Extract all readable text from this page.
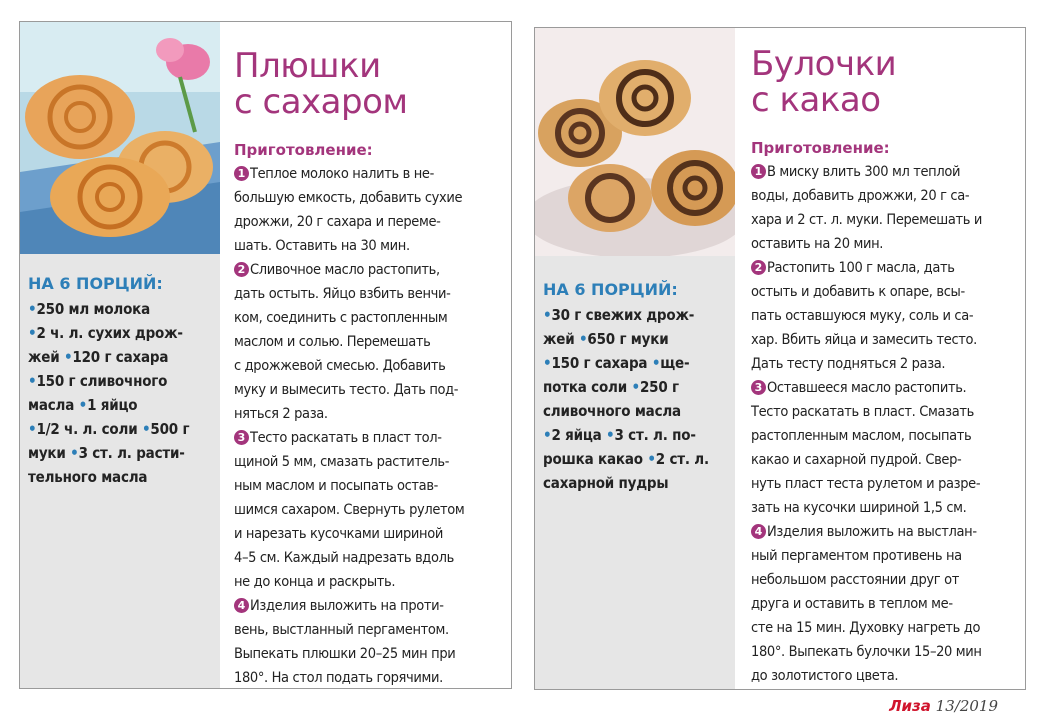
НА 6 ПОРЦИЙ:
•250 мл молока
•2 ч. л. сухих дрож-
жей •120 г сахара
•150 г сливочного
масла •1 яйцо
•1/2 ч. л. соли •500 г
муки •3 ст. л. расти-
тельного масла
Плюшки
с сахаром
Приготовление:
1 Теплое молоко налить в не-
большую емкость, добавить сухие
дрожжи, 20 г сахара и переме-
шать. Оставить на 30 мин.
2 Сливочное масло растопить,
дать остыть. Яйцо взбить венчи-
ком, соединить с растопленным
маслом и солью. Перемешать
с дрожжевой смесью. Добавить
муку и вымесить тесто. Дать под-
няться 2 раза.
3 Тесто раскатать в пласт тол-
щиной 5 мм, смазать раститель-
ным маслом и посыпать остав-
шимся сахаром. Свернуть рулетом
и нарезать кусочками шириной
4–5 см. Каждый надрезать вдоль
не до конца и раскрыть.
4 Изделия выложить на проти-
вень, выстланный пергаментом.
Выпекать плюшки 20–25 мин при
180°. На стол подать горячими.
НА 6 ПОРЦИЙ:
•30 г свежих дрож-
жей •650 г муки
•150 г сахара •ще-
потка соли •250 г
сливочного масла
•2 яйца •3 ст. л. по-
рошка какао •2 ст. л.
сахарной пудры
Булочки
с какао
Приготовление:
1 В миску влить 300 мл теплой
воды, добавить дрожжи, 20 г са-
хара и 2 ст. л. муки. Перемешать и
оставить на 20 мин.
2 Растопить 100 г масла, дать
остыть и добавить к опаре, всы-
пать оставшуюся муку, соль и са-
хар. Вбить яйца и замесить тесто.
Дать тесту подняться 2 раза.
3 Оставшееся масло растопить.
Тесто раскатать в пласт. Смазать
растопленным маслом, посыпать
какао и сахарной пудрой. Свер-
нуть пласт теста рулетом и разре-
зать на кусочки шириной 1,5 см.
4 Изделия выложить на выстлан-
ный пергаментом противень на
небольшом расстоянии друг от
друга и оставить в теплом ме-
сте на 15 мин. Духовку нагреть до
180°. Выпекать булочки 15–20 мин
до золотистого цвета.
Лиза 13/2019
